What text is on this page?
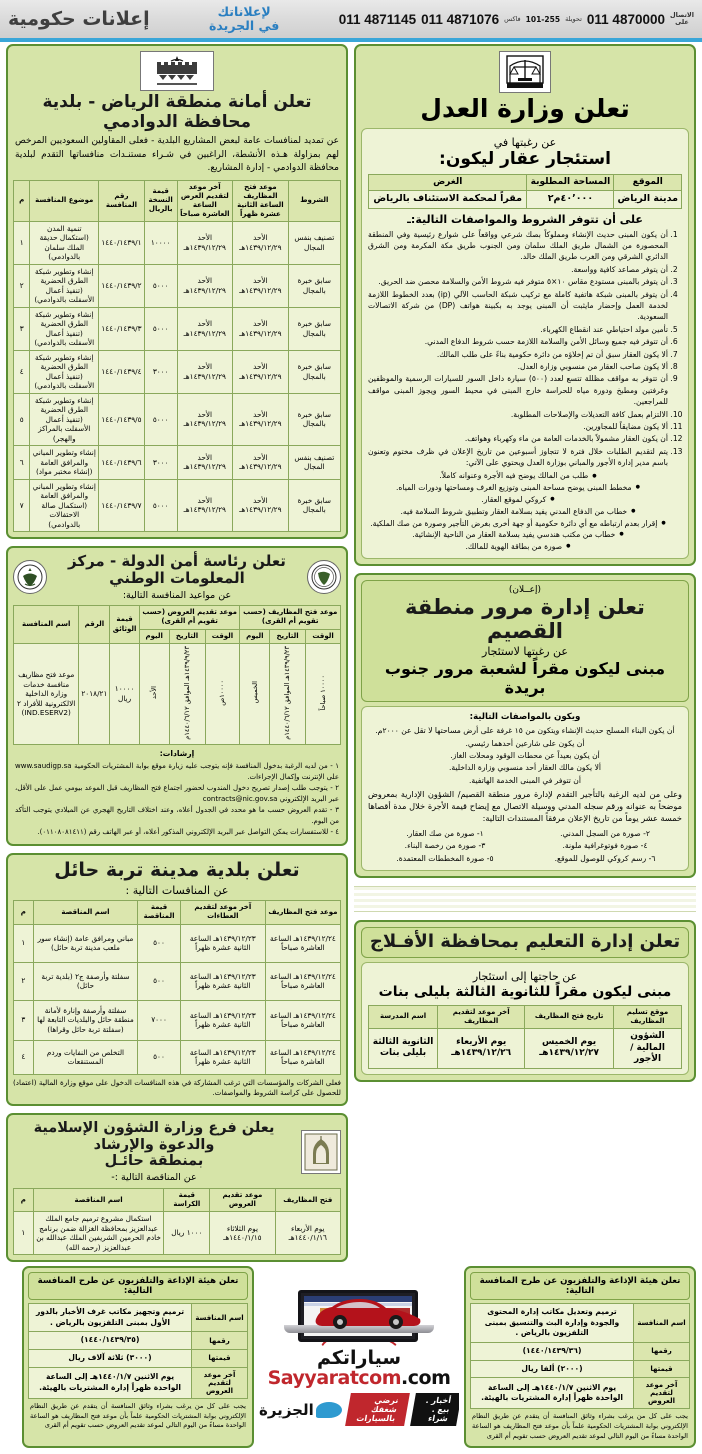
011 4871145 011 4871076 فاكس 101-255 تحويلة 011 4870000 الاتصال
على
لإعلاناتك
في الجريدة
إعلانات حكومية
تعلن وزارة العدل
عن رغبتها في
استئجار عقار ليكون:
الموقع	المساحة المطلوبة	الغرض
مدينة الرياض	٤٠٬٠٠٠م٢	مقراً لمحكمة الاستئناف بالرياض
على أن تتوفر الشروط والمواصفات التالية:ـ
1. أن يكون المبنى حديث الإنشاء ومملوكاً بصك شرعي وواقعاً على شوارع رئيسية وفي المنطقة المحصورة من الشمال طريق الملك سلمان ومن الجنوب طريق مكة المكرمة ومن الشرق الدائري الشرقي ومن الغرب طريق الملك خالد.
2. أن يتوفر مصاعد كافية وواسعة.
3. أن يتوفر بالمبنى مستودع مقاس ١٠×٥ متوفر فيه شروط الأمن والسلامة محصن ضد الحريق.
4. أن يتوفر بالمبنى شبكة هاتفية كاملة مع تركيب شبكة الحاسب الآلي (ip) بعدد الخطوط اللازمة لخدمة العمل وإحضار مايثبت أن المبنى يوجد به بكبينة هواتف (DP) من شركة الاتصالات السعودية.
5. تأمين مولد احتياطي عند انقطاع الكهرباء.
6. أن تتوفر فيه جميع وسائل الأمن والسلامة اللازمة حسب شروط الدفاع المدني.
7. ألا يكون العقار سبق أن تم إخلاؤه من دائرة حكومية بناءً على طلب المالك.
8. ألا يكون صاحب العقار من منسوبي وزارة العدل.
9. أن تتوفر به مواقف مظللة تتسع لعدد (٥٠٠) سيارة داخل السور للسيارات الرسمية والموظفين وغرفتين ومطبخ ودورة مياه للحراسة خارج المبنى في محيط السور ويجوز المبنى مواقف للمراجعين.
10. الالتزام بعمل كافة التعديلات والإصلاحات المطلوبة.
11. ألا يكون مضايقاً للمجاورين.
12. أن يكون العقار مشمولاً بالخدمات العامة من ماء وكهرباء وهواتف.
13. يتم لتقديم الطلبات خلال فترة لا تتجاوز أسبوعين من تاريخ الإعلان في ظرف مختوم وتعنون باسم مدير إدارة الأجور والمباني بوزارة العدل ويحتوي على الآتي:
● طلب من المالك يوضح فيه الأجرة وعنوانه كاملاً.
● مخطط المبنى يوضح مساحة المبنى وتوزيع الغرف ومساحتها ودورات المياه.
● كروكي لموقع العقار.
● خطاب من الدفاع المدني يفيد بسلامة العقار وتطبيق شروط السلامة فيه.
● إقرار بعدم ارتباطه مع أي دائرة حكومية أو جهة أخرى بغرض التأجير وصورة من صك الملكية.
● خطاب من مكتب هندسي يفيد بسلامة العقار من الناحية الإنشائية.
● صورة من بطاقة الهوية للمالك.
(إعــلان)
تعلن إدارة مرور منطقة القصيم
عن رغبتها لاستئجار
مبنى ليكون مقراً لشعبة مرور جنوب بريدة
ويكون بالمواصفات التالية:
أن يكون البناء المسلح حديث الإنشاء ويتكون من ١٥ غرفة على أرض مساحتها لا تقل عن ٢٠٠٠م.
أن يكون على شارعين أحدهما رئيسي.
أن يكون بعيداً عن محطات الوقود ومحلات الغاز.
ألا يكون مالك العقار أحد منسوبي وزارة الداخلية.
أن تتوفر في المبنى الخدمة الهاتفية.
وعلى من لديه الرغبة بالتأجير التقدم لإدارة مرور منطقة القصيم/ الشؤون الإدارية بمعروض موضحاً به عنوانه ورقم سجله المدني ووسيلة الاتصال مع إيضاح قيمة الأجرة خلال مدة أقصاها خمسة عشر يوماً من تاريخ الإعلان مرفقاً المستندات التالية:
٢- صورة من السجل المدني.
٤- صورة فوتوغرافية ملونة.
٦- رسم كروكي للوصول للموقع.
١- صورة من صك العقار.
٣- صورة من رخصة البناء.
٥- صورة المخططات المعتمدة.
تعلن إدارة التعليم بمحافظة الأفـلاج
عن حاجتها إلى استئجار
مبنى ليكون مقراً للثانوية الثالثة بليلى بنات
موقع تسليم المظاريف	تاريخ فتح المظاريف	آخر موعد لتقديم المظاريف	اسم المدرسة
الشؤون المالية / الأجور	يوم الخميس ١٤٣٩/١٢/٢٧هـ	يوم الأربعاء ١٤٣٩/١٢/٢٦هـ	الثانوية الثالثة بليلى بنات
تعلن أمانة منطقة الرياض - بلدية محافظة الدوادمي
عن تمديد لمنافسات عامة لبعض المشاريع البلدية - فعلى المقاولين السعوديين المرخص لهم بمزاولة هـذه الأنشطة، الراغبين في شـراء مستنـدات منافساتها التقدم لبلدية محافظة الدوادمي - إدارة المشاريع.
الشروط	موعد فتح المظاريف الساعة الثانية عشرة ظهراً	آخر موعد لتقديم العرض الساعة العاشرة صباحاً	قيمة النسخة بالريال	رقم المنافسة	موضوع المنافسة	م
تصنيف بنفس المجال	الأحد ١٤٣٩/١٢/٢٩هـ	الأحد ١٤٣٩/١٢/٢٩هـ	١٠٠٠٠	١٤٤٠/١٤٣٩/١	تنمية المدن (استكمال حديقة الملك سلمان بالدوادمي)	١
سابق خبرة بالمجال	الأحد ١٤٣٩/١٢/٢٩هـ	الأحد ١٤٣٩/١٢/٢٩هـ	٥٠٠٠	١٤٤٠/١٤٣٩/٢	إنشاء وتطوير شبكة الطرق الحضرية (تنفيذ أعمال الأسفلت بالدوادمي)	٢
سابق خبرة بالمجال	الأحد ١٤٣٩/١٢/٢٩هـ	الأحد ١٤٣٩/١٢/٢٩هـ	٥٠٠٠	١٤٤٠/١٤٣٩/٣	إنشاء وتطوير شبكة الطرق الحضرية (تنفيذ أعمال الأسفلت بالدوادمي)	٣
سابق خبرة بالمجال	الأحد ١٤٣٩/١٢/٢٩هـ	الأحد ١٤٣٩/١٢/٢٩هـ	٣٠٠٠	١٤٤٠/١٤٣٩/٤	إنشاء وتطوير شبكة الطرق الحضرية (تنفيذ أعمال الأسفلت بالدوادمي)	٤
سابق خبرة بالمجال	الأحد ١٤٣٩/١٢/٢٩هـ	الأحد ١٤٣٩/١٢/٢٩هـ	٥٠٠٠	١٤٤٠/١٤٣٩/٥	إنشاء وتطوير شبكة الطرق الحضرية (تنفيذ أعمال الأسفلت بالمراكز والهجر)	٥
تصنيف بنفس المجال	الأحد ١٤٣٩/١٢/٢٩هـ	الأحد ١٤٣٩/١٢/٢٩هـ	٣٠٠٠	١٤٤٠/١٤٣٩/٦	إنشاء وتطوير المباني والمرافق العامة (إنشاء مختبر مواد)	٦
سابق خبرة بالمجال	الأحد ١٤٣٩/١٢/٢٩هـ	الأحد ١٤٣٩/١٢/٢٩هـ	٥٠٠٠	١٤٤٠/١٤٣٩/٧	إنشاء وتطوير المباني والمرافق العامة (استكمال صالة الاحتفالات بالدوادمي)	٧
تعلن رئاسة أمن الدولة - مركز المعلومات الوطني
عن مواعيد المنافسة التالية:
موعد فتح المظاريف (حسب تقويم أم القرى)			موعد تقديم العروض (حسب تقويم أم القرى)			قيمة الوثائق	الرقم	اسم المنافسة
الوقت	التاريخ	اليوم	الوقت	التاريخ	اليوم			
١٠٠٠٠ صباحاً	١٤٣٩/٩/٢٣هـ الموافق ١٤٤٠/٦/١٢م	الخميس	١٠٠٠٠ص	١٤٣٩/٩/٢٣هـ الموافق ١٤٤٠/٦/١٢م	الأحد	١٠٠٠٠ ريال	٢٠١٨/٢١	موعد فتح مظاريف منافسة خدمات وزارة الداخلية الالكترونية للأفراد ٢ (IND.ESERV2)
إرشادات:
١ - من لديه الرغبة بدخول المنافسة فإنه يتوجب عليه زيارة موقع بوابة المشتريات الحكومية www.saudigp.sa على الإنترنت وإكمال الإجراءات.
٢ - يتوجب طلب إصدار تصريح دخول المندوب لحضور اجتماع فتح المظاريف قبل الموعد بيومي عمل على الأقل، عبر البريد الإلكتروني contracts@nic.gov.sa
٣ - تقدم العروض حسب ما هو محدد في الجدول أعلاه، وعند اختلاف التاريخ الهجري عن الميلادي يتوجب التأكد من اليوم.
٤ - للاستفسارات يمكن التواصل عبر البريد الإلكتروني المذكور أعلاه، أو عبر الهاتف رقم (٠١١٠٨٠٨١٤١١).
تعلن بلدية مدينة تربة حائل
عن المنافسات التالية :
موعد فتح المظاريف	آخر موعد لتقديم العطاءات	قيمة المناقصة	اسم المناقصة	م
١٤٣٩/١٢/٢٤هـ الساعة العاشرة صباحاً	١٤٣٩/١٢/٢٣هـ الساعة الثانية عشرة ظهراً	٥٠٠	مباني ومرافق عامة (إنشاء سور ملعب مدينة تربة حائل)	١
١٤٣٩/١٢/٢٤هـ الساعة العاشرة صباحاً	١٤٣٩/١٢/٢٣هـ الساعة الثانية عشرة ظهراً	٥٠٠	سفلتة وأرصفة ج٢ (بلدية تربة حائل)	٢
١٤٣٩/١٢/٢٤هـ الساعة العاشرة صباحاً	١٤٣٩/١٢/٢٣هـ الساعة الثانية عشرة ظهراً	٧٠٠٠	سفلتة وأرصفة وإنارة لأمانة منطقة حائل والبلديات التابعة لها (سفلتة تربة حائل وقراها)	٣
١٤٣٩/١٢/٢٤هـ الساعة العاشرة صباحاً	١٤٣٩/١٢/٢٣هـ الساعة الثانية عشرة ظهراً	٥٠٠	التخلص من النفايات وردم المستنقعات	٤
فعلى الشركات والمؤسسات التي ترغب المشاركة في هذه المنافسات الدخول على موقع وزارة المالية (اعتماد) للحصول على كراسة الشروط والمواصفات.
يعلن فرع وزارة الشؤون الإسلامية والدعوة والإرشاد
بمنطقة حائـل
عن المناقصة التالية :-
فتح المظاريف	موعد تقديم العروض	قيمة الكراسة	اسم المناقصة	م
يوم الأربعاء ١٤٤٠/١/١٦هـ	يوم الثلاثاء ١٤٤٠/١/١٥هـ	١٠٠٠ ريال	استكمال مشروع ترميم جامع الملك عبدالعزيز بمحافظة الغزالة ضمن برنامج خادم الحرمين الشريفين الملك عبدالله بن عبدالعزيز (رحمه الله)	١
تعلن هيئة الإذاعة والتلفزيون عن طرح المنافسة التالية:
اسم المنافسة	ترميم وتعديل مكاتب إدارة المحتوى والجودة وإدارة البث والتنسيق بمبنى التلفزيون بالرياض .
رقمها	(١٤٤٠/١٤٣٩/٣٦)
قيمتها	(٢٠٠٠) ألفا ريال
آخر موعد لتقديم العروض	يوم الاثنين ١٤٤٠/١/٧هـ إلى الساعة الواحدة ظهراً إدارة المشتريات بالهيئة.
يجب على كل من يرغب بشراء وثائق المنافسة أن يتقدم عن طريق النظام الإلكتروني بوابة المشتريات الحكومية علماً بأن موعد فتح المظاريف هو الساعة الواحدة مساءً من اليوم التالي لموعد تقديم العروض حسب تقويم أم القرى

سياراتكم
Sayyaratcom.com
أخبار . بيع . شراء
نرضي شغفك بالسيارات
الجزيرة
تعلن هيئة الإذاعة والتلفزيون عن طرح المنافسة التالية:
اسم المنافسة	ترميم وتجهيز مكاتب غرف الأخبار بالدور الأول بمبنى التلفزيون بالرياض .
رقمها	(١٤٤٠/١٤٣٩/٣٥)
قيمتها	(٣٠٠٠) ثلاثة آلاف ريال
آخر موعد لتقديم العروض	يوم الاثنين ١٤٤٠/١/٧هـ إلى الساعة الواحدة ظهراً إدارة المشتريات بالهيئة.
يجب على كل من يرغب بشراء وثائق المنافسة أن يتقدم عن طريق النظام الإلكتروني بوابة المشتريات الحكومية علماً بأن موعد فتح المظاريف هو الساعة الواحدة مساءً من اليوم التالي لموعد تقديم العروض حسب تقويم أم القرى
